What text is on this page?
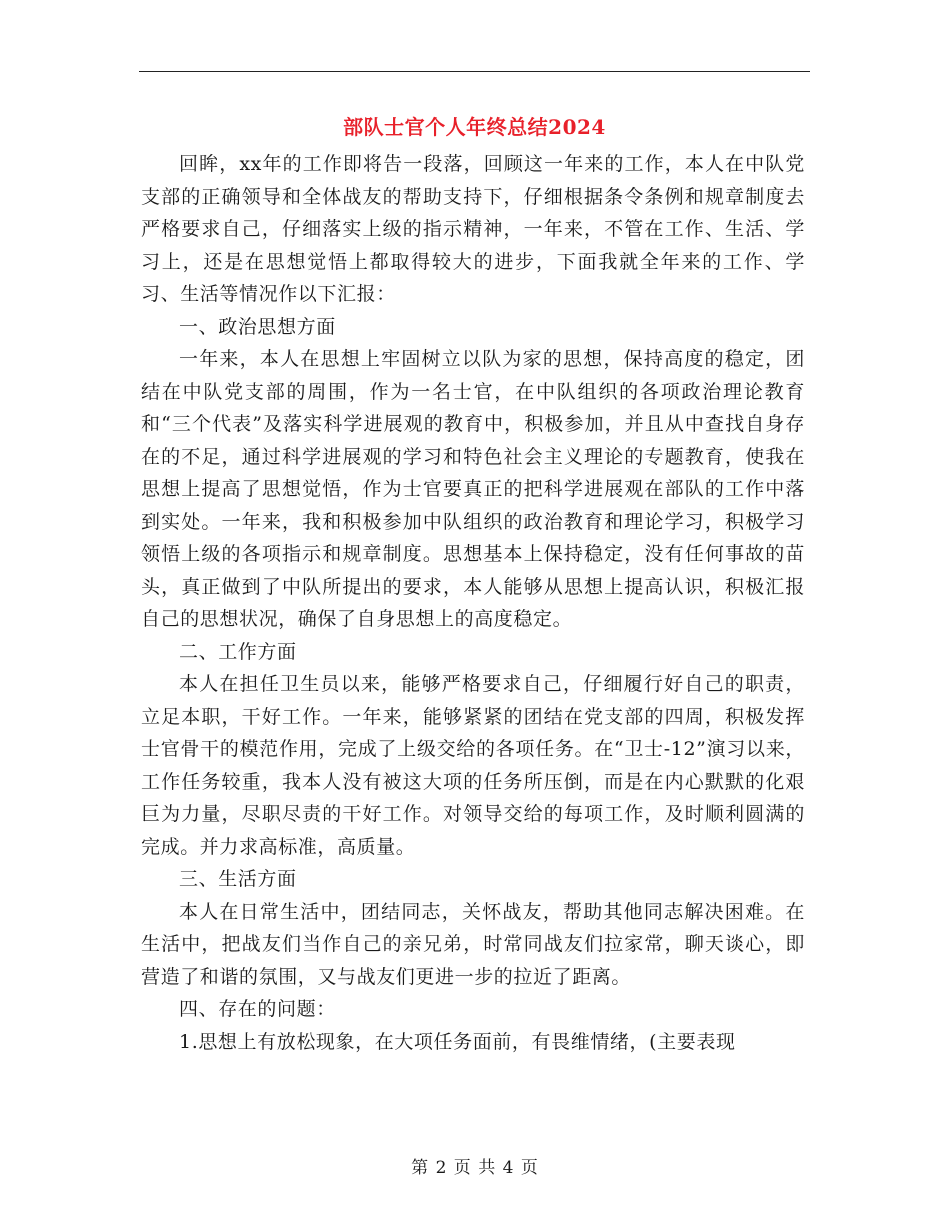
部队士官个人年终总结2024

回眸，xx年的工作即将告一段落，回顾这一年来的工作，本人在中队党支部的正确领导和全体战友的帮助支持下，仔细根据条令条例和规章制度去严格要求自己，仔细落实上级的指示精神，一年来，不管在工作、生活、学习上，还是在思想觉悟上都取得较大的进步，下面我就全年来的工作、学习、生活等情况作以下汇报：

一、政治思想方面

一年来，本人在思想上牢固树立以队为家的思想，保持高度的稳定，团结在中队党支部的周围，作为一名士官，在中队组织的各项政治理论教育和“三个代表”及落实科学进展观的教育中，积极参加，并且从中查找自身存在的不足，通过科学进展观的学习和特色社会主义理论的专题教育，使我在思想上提高了思想觉悟，作为士官要真正的把科学进展观在部队的工作中落到实处。一年来，我和积极参加中队组织的政治教育和理论学习，积极学习领悟上级的各项指示和规章制度。思想基本上保持稳定，没有任何事故的苗头，真正做到了中队所提出的要求，本人能够从思想上提高认识，积极汇报自己的思想状况，确保了自身思想上的高度稳定。

二、工作方面

本人在担任卫生员以来，能够严格要求自己，仔细履行好自己的职责，立足本职，干好工作。一年来，能够紧紧的团结在党支部的四周，积极发挥士官骨干的模范作用，完成了上级交给的各项任务。在“卫士-12”演习以来，工作任务较重，我本人没有被这大项的任务所压倒，而是在内心默默的化艰巨为力量，尽职尽责的干好工作。对领导交给的每项工作，及时顺利圆满的完成。并力求高标准，高质量。

三、生活方面

本人在日常生活中，团结同志，关怀战友，帮助其他同志解决困难。在生活中，把战友们当作自己的亲兄弟，时常同战友们拉家常，聊天谈心，即营造了和谐的氛围，又与战友们更进一步的拉近了距离。

四、存在的问题：

1.思想上有放松现象，在大项任务面前，有畏维情绪，(主要表现

第 2 页 共 4 页
